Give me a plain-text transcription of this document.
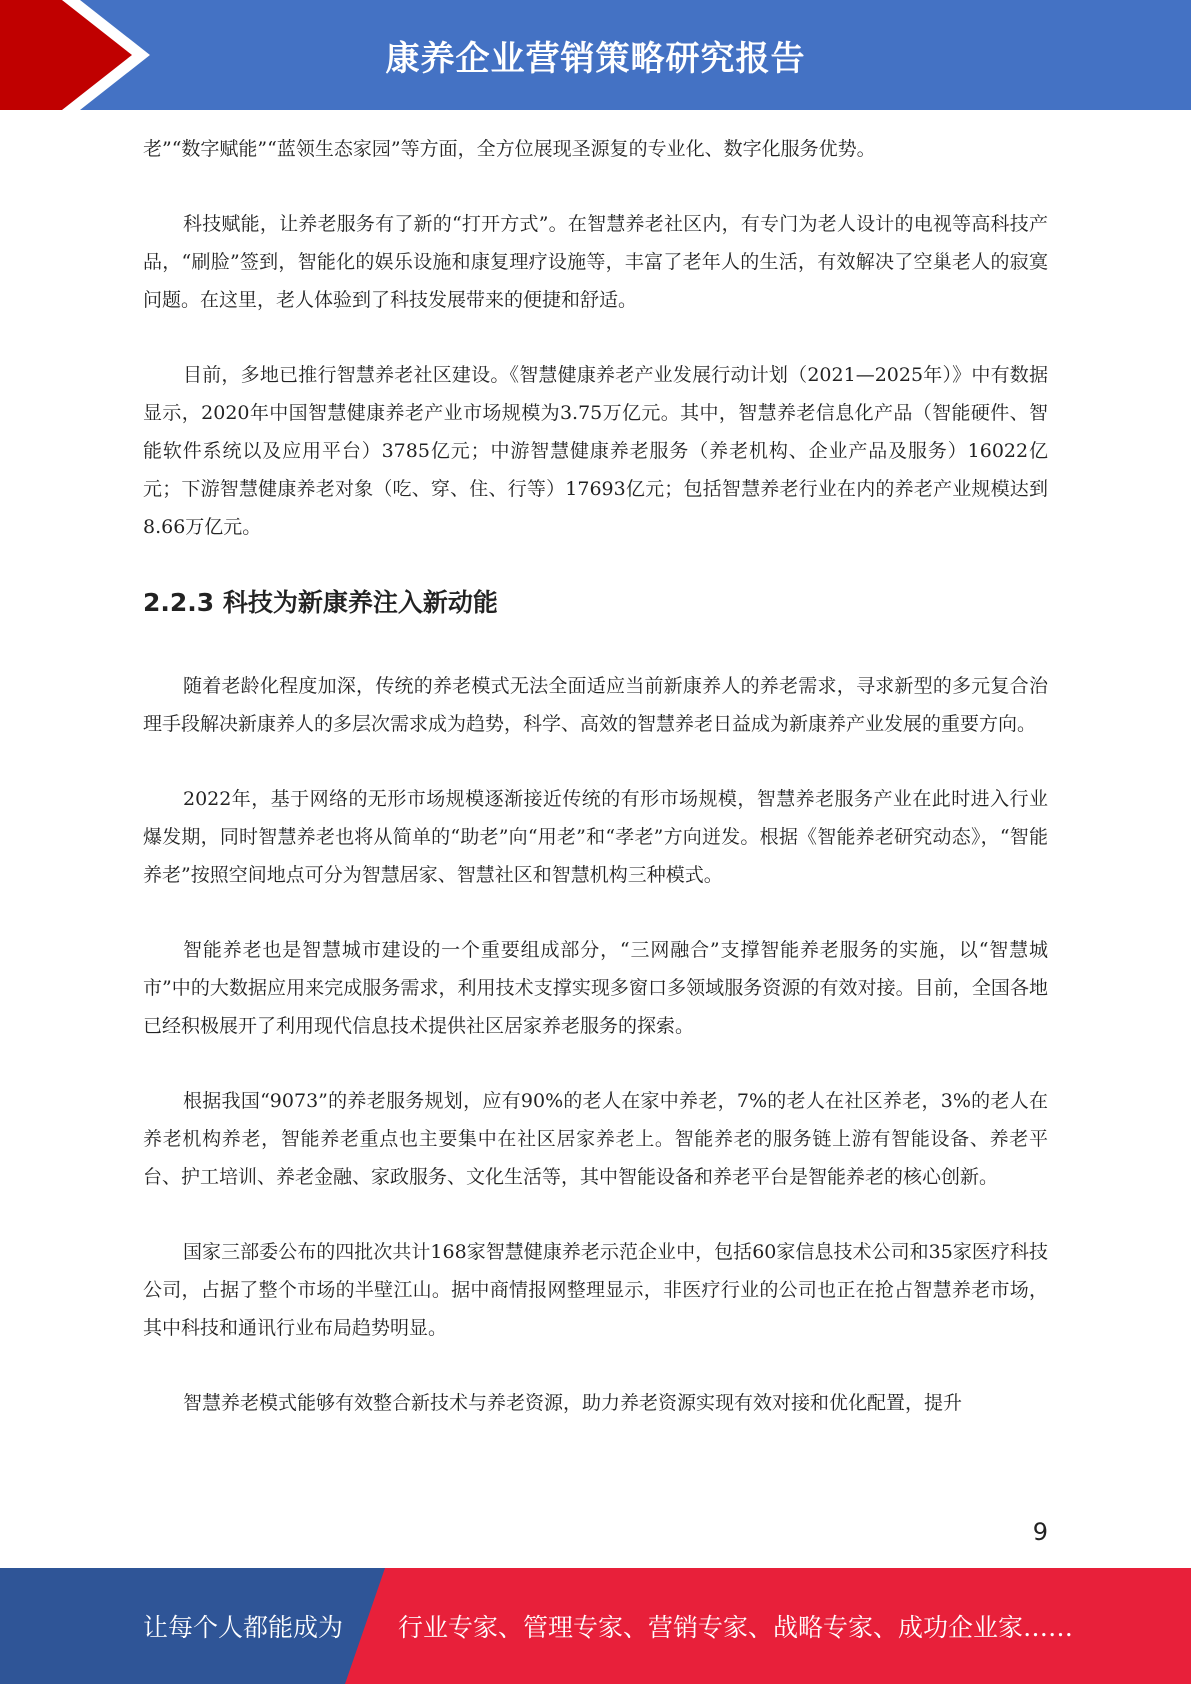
康养企业营销策略研究报告

老”“数字赋能”“蓝领生态家园”等方面，全方位展现圣源复的专业化、数字化服务优势。

科技赋能，让养老服务有了新的“打开方式”。在智慧养老社区内，有专门为老人设计的电视等高科技产品，“刷脸”签到，智能化的娱乐设施和康复理疗设施等，丰富了老年人的生活，有效解决了空巢老人的寂寞问题。在这里，老人体验到了科技发展带来的便捷和舒适。

目前，多地已推行智慧养老社区建设。《智慧健康养老产业发展行动计划（2021—2025年）》中有数据显示，2020年中国智慧健康养老产业市场规模为3.75万亿元。其中，智慧养老信息化产品（智能硬件、智能软件系统以及应用平台）3785亿元；中游智慧健康养老服务（养老机构、企业产品及服务）16022亿元；下游智慧健康养老对象（吃、穿、住、行等）17693亿元；包括智慧养老行业在内的养老产业规模达到8.66万亿元。

2.2.3 科技为新康养注入新动能

随着老龄化程度加深，传统的养老模式无法全面适应当前新康养人的养老需求，寻求新型的多元复合治理手段解决新康养人的多层次需求成为趋势，科学、高效的智慧养老日益成为新康养产业发展的重要方向。

2022年，基于网络的无形市场规模逐渐接近传统的有形市场规模，智慧养老服务产业在此时进入行业爆发期，同时智慧养老也将从简单的“助老”向“用老”和“孝老”方向迸发。根据《智能养老研究动态》，“智能养老”按照空间地点可分为智慧居家、智慧社区和智慧机构三种模式。

智能养老也是智慧城市建设的一个重要组成部分，“三网融合”支撑智能养老服务的实施，以“智慧城市”中的大数据应用来完成服务需求，利用技术支撑实现多窗口多领域服务资源的有效对接。目前，全国各地已经积极展开了利用现代信息技术提供社区居家养老服务的探索。

根据我国“9073”的养老服务规划，应有90%的老人在家中养老，7%的老人在社区养老，3%的老人在养老机构养老，智能养老重点也主要集中在社区居家养老上。智能养老的服务链上游有智能设备、养老平台、护工培训、养老金融、家政服务、文化生活等，其中智能设备和养老平台是智能养老的核心创新。

国家三部委公布的四批次共计168家智慧健康养老示范企业中，包括60家信息技术公司和35家医疗科技公司，占据了整个市场的半壁江山。据中商情报网整理显示，非医疗行业的公司也正在抢占智慧养老市场，其中科技和通讯行业布局趋势明显。

智慧养老模式能够有效整合新技术与养老资源，助力养老资源实现有效对接和优化配置，提升

9
让每个人都能成为 行业专家、管理专家、营销专家、战略专家、成功企业家……
